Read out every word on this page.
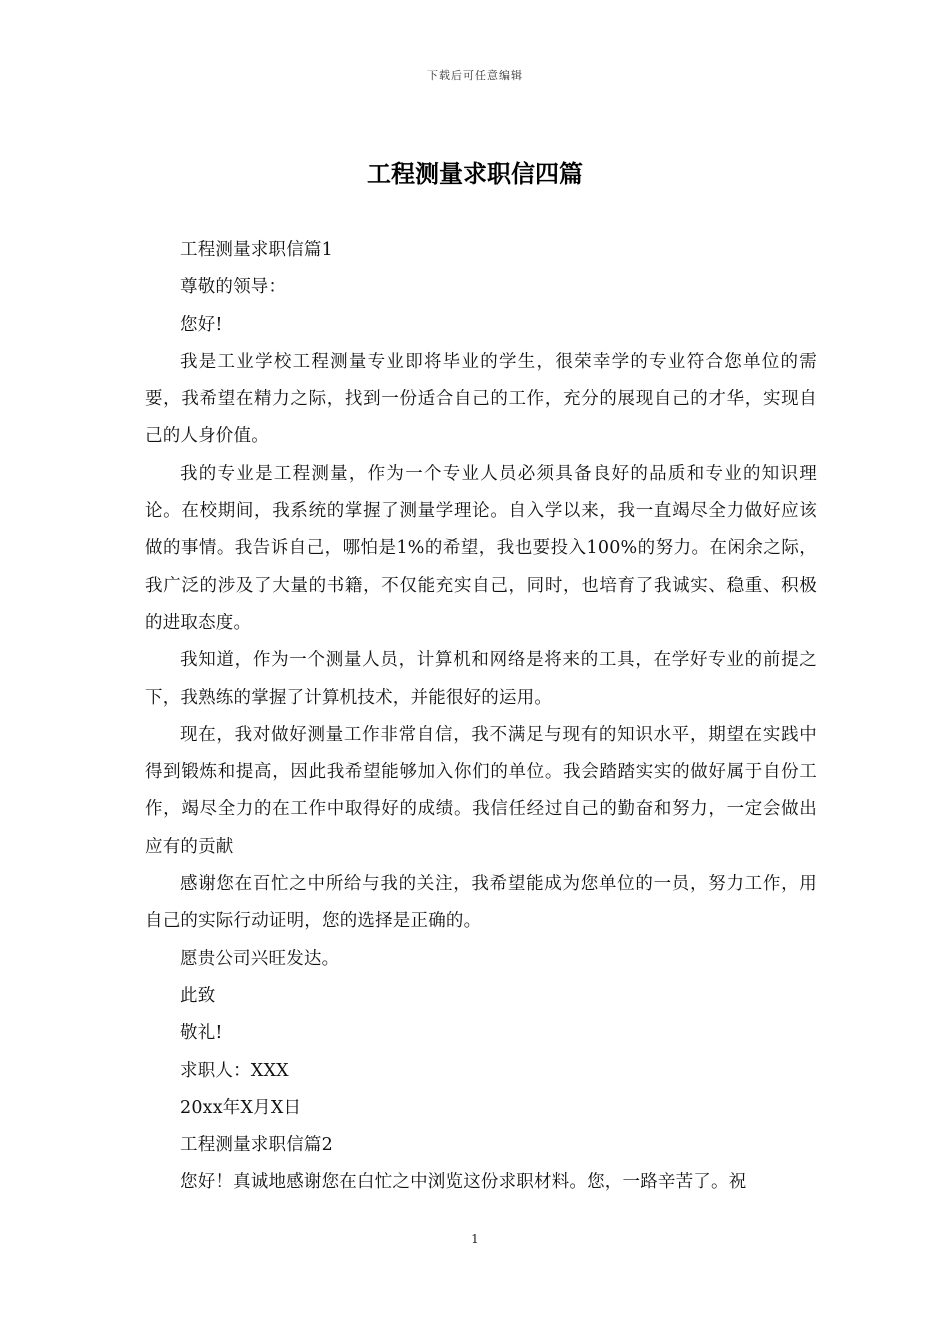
下载后可任意编辑
工程测量求职信四篇

工程测量求职信篇1

尊敬的领导：

您好!

我是工业学校工程测量专业即将毕业的学生，很荣幸学的专业符合您单位的需要，我希望在精力之际，找到一份适合自己的工作，充分的展现自己的才华，实现自己的人身价值。

我的专业是工程测量，作为一个专业人员必须具备良好的品质和专业的知识理论。在校期间，我系统的掌握了测量学理论。自入学以来，我一直竭尽全力做好应该做的事情。我告诉自己，哪怕是1%的希望，我也要投入100%的努力。在闲余之际，我广泛的涉及了大量的书籍，不仅能充实自己，同时，也培育了我诚实、稳重、积极的进取态度。

我知道，作为一个测量人员，计算机和网络是将来的工具，在学好专业的前提之下，我熟练的掌握了计算机技术，并能很好的运用。

现在，我对做好测量工作非常自信，我不满足与现有的知识水平，期望在实践中得到锻炼和提高，因此我希望能够加入你们的单位。我会踏踏实实的做好属于自份工作，竭尽全力的在工作中取得好的成绩。我信任经过自己的勤奋和努力，一定会做出应有的贡献

感谢您在百忙之中所给与我的关注，我希望能成为您单位的一员，努力工作，用自己的实际行动证明，您的选择是正确的。

愿贵公司兴旺发达。

此致

敬礼!

求职人：XXX

20xx年X月X日

工程测量求职信篇2

您好！真诚地感谢您在白忙之中浏览这份求职材料。您，一路辛苦了。祝

1
